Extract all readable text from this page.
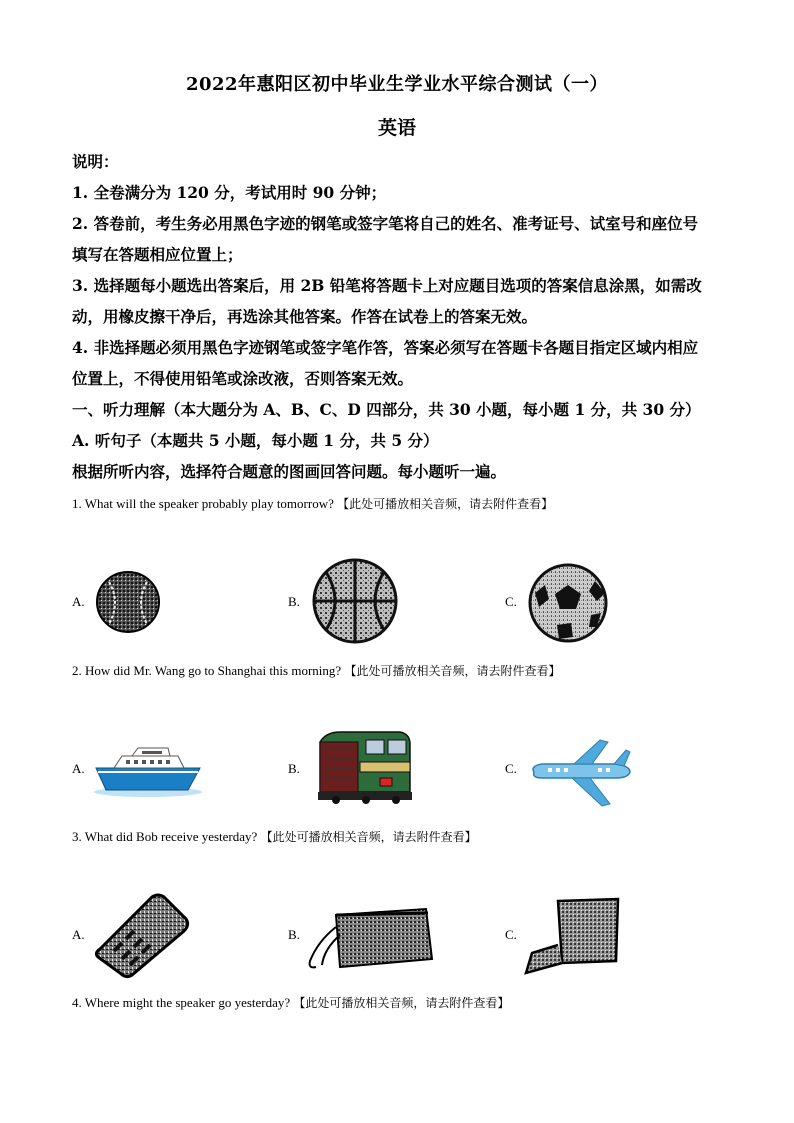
2022年惠阳区初中毕业生学业水平综合测试（一）
英语
说明：
1. 全卷满分为 120 分，考试用时 90 分钟；
2. 答卷前，考生务必用黑色字迹的钢笔或签字笔将自己的姓名、准考证号、试室号和座位号
填写在答题相应位置上；
3. 选择题每小题选出答案后，用 2B 铅笔将答题卡上对应题目选项的答案信息涂黑，如需改
动，用橡皮擦干净后，再选涂其他答案。作答在试卷上的答案无效。
4. 非选择题必须用黑色字迹钢笔或签字笔作答，答案必须写在答题卡各题目指定区域内相应
位置上，不得使用铅笔或涂改液，否则答案无效。
一、听力理解（本大题分为 A、B、C、D 四部分，共 30 小题，每小题 1 分，共 30 分）
A. 听句子（本题共 5 小题，每小题 1 分，共 5 分）
根据所听内容，选择符合题意的图画回答问题。每小题听一遍。
1. What will the speaker probably play tomorrow? 【此处可播放相关音频，请去附件查看】
A.	B.	C.
2. How did Mr. Wang go to Shanghai this morning? 【此处可播放相关音频，请去附件查看】
A.	B.	C.
3. What did Bob receive yesterday? 【此处可播放相关音频，请去附件查看】
A.	B.	C.
4. Where might the speaker go yesterday? 【此处可播放相关音频，请去附件查看】
